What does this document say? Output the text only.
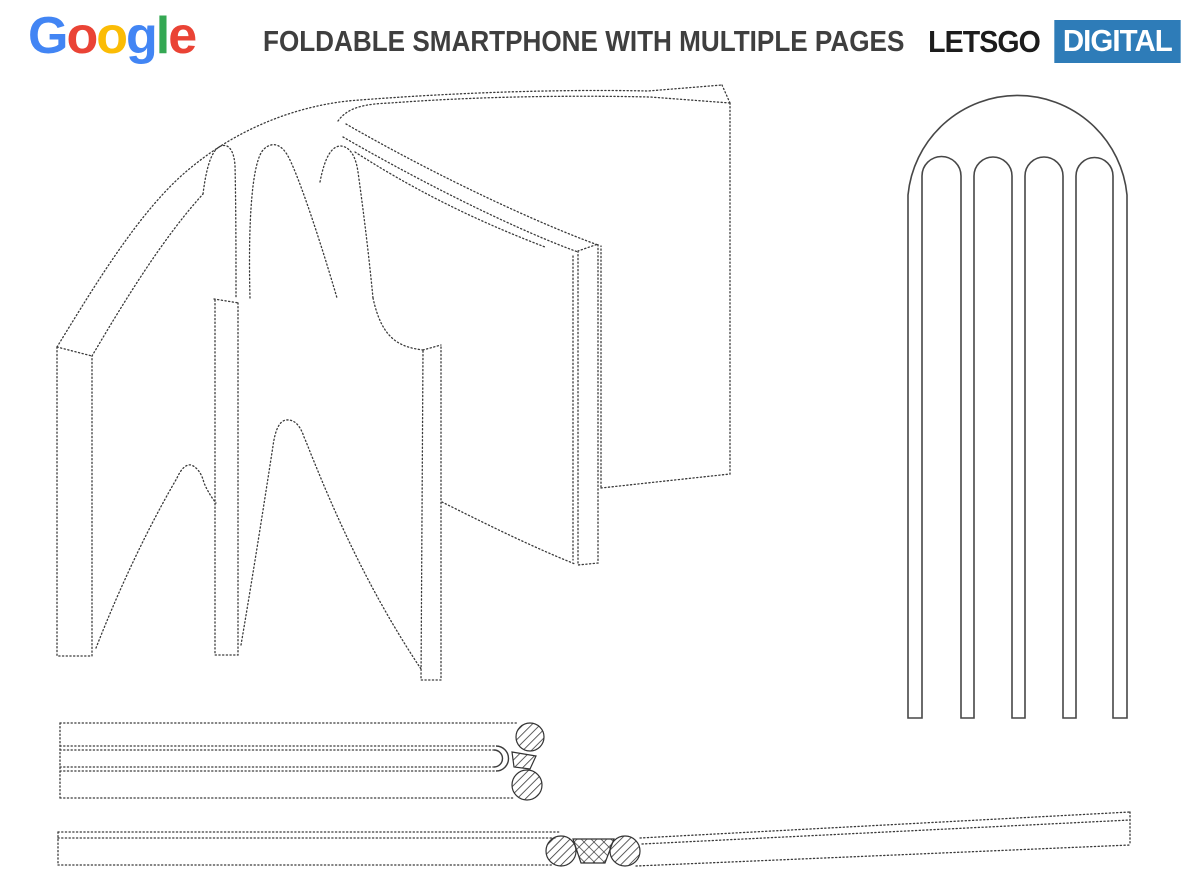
Google FOLDABLE SMARTPHONE WITH MULTIPLE PAGES LETSGO DIGITAL
